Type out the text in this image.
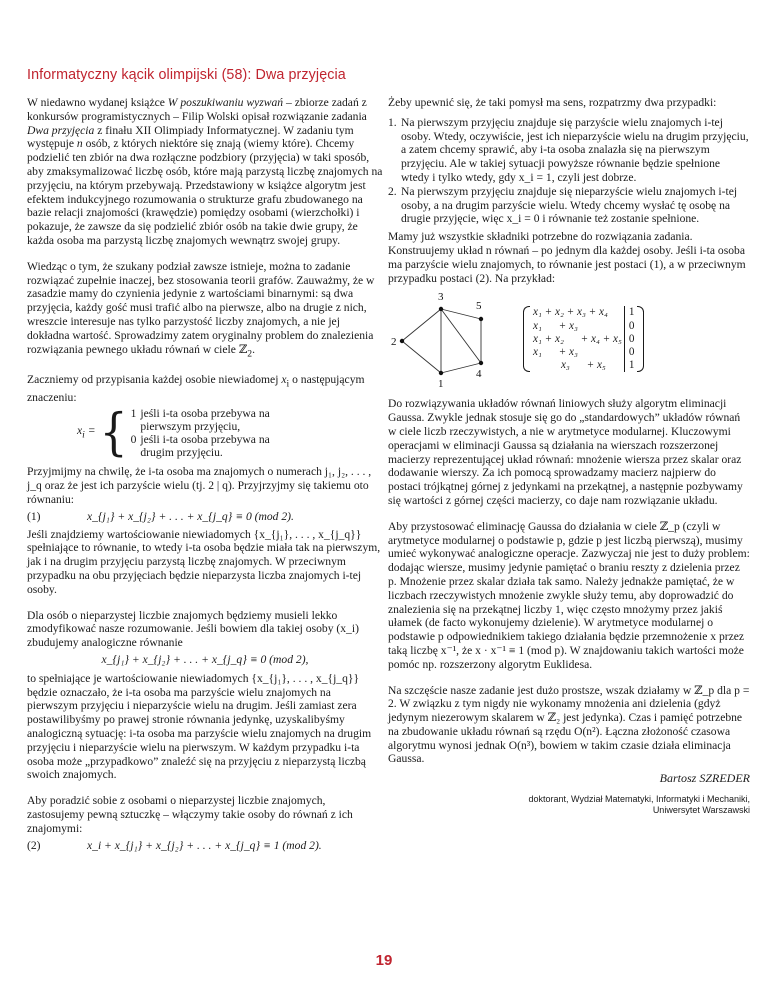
Informatyczny kącik olimpijski (58): Dwa przyjęcia

W niedawno wydanej książce W poszukiwaniu wyzwań – zbiorze zadań z konkursów programistycznych – Filip Wolski opisał rozwiązanie zadania Dwa przyjęcia z finału XII Olimpiady Informatycznej. W zadaniu tym występuje n osób, z których niektóre się znają (wiemy które). Chcemy podzielić ten zbiór na dwa rozłączne podzbiory (przyjęcia) w taki sposób, aby zmaksymalizować liczbę osób, które mają parzystą liczbę znajomych na przyjęciu, na którym przebywają. Przedstawiony w książce algorytm jest efektem indukcyjnego rozumowania o strukturze grafu zbudowanego na bazie relacji znajomości (krawędzie) pomiędzy osobami (wierzchołki) i pokazuje, że zawsze da się podzielić zbiór osób na takie dwie grupy, że każda osoba ma parzystą liczbę znajomych wewnątrz swojej grupy.

Wiedząc o tym, że szukany podział zawsze istnieje, można to zadanie rozwiązać zupełnie inaczej, bez stosowania teorii grafów. Zauważmy, że w zasadzie mamy do czynienia jedynie z wartościami binarnymi: są dwa przyjęcia, każdy gość musi trafić albo na pierwsze, albo na drugie z nich, wreszcie interesuje nas tylko parzystość liczby znajomych, a nie jej dokładna wartość. Sprowadzimy zatem oryginalny problem do znalezienia rozwiązania pewnego układu równań w ciele ℤ$_2$.

Zaczniemy od przypisania każdej osobie niewiadomej $x_i$ o następującym znaczeniu:

$x_i$ = { 1	jeśli i-ta osoba przebywa na pierwszym przyjęciu,
0	jeśli i-ta osoba przebywa na drugim przyjęciu.

Przyjmijmy na chwilę, że i-ta osoba ma znajomych o numerach j₁, j₂, . . . , j_q oraz że jest ich parzyście wielu (tj. 2 | q). Przyjrzyjmy się takiemu oto równaniu:

(1)	x_{j₁} + x_{j₂} + . . . + x_{j_q} ≡ 0 (mod 2).

Jeśli znajdziemy wartościowanie niewiadomych {x_{j₁}, . . . , x_{j_q}} spełniające to równanie, to wtedy i-ta osoba będzie miała tak na pierwszym, jak i na drugim przyjęciu parzystą liczbę znajomych. W przeciwnym przypadku na obu przyjęciach będzie nieparzysta liczba znajomych i-tej osoby.

Dla osób o nieparzystej liczbie znajomych będziemy musieli lekko zmodyfikować nasze rozumowanie. Jeśli bowiem dla takiej osoby (x_i) zbudujemy analogiczne równanie

x_{j₁} + x_{j₂} + . . . + x_{j_q} ≡ 0 (mod 2),

to spełniające je wartościowanie niewiadomych {x_{j₁}, . . . , x_{j_q}} będzie oznaczało, że i-ta osoba ma parzyście wielu znajomych na pierwszym przyjęciu i nieparzyście wielu na drugim. Jeśli zamiast zera postawilibyśmy po prawej stronie równania jedynkę, uzyskalibyśmy analogiczną sytuację: i-ta osoba ma parzyście wielu znajomych na drugim przyjęciu i nieparzyście wielu na pierwszym. W każdym przypadku i-ta osoba może „przypadkowo” znaleźć się na przyjęciu z nieparzystą liczbą swoich znajomych.

Aby poradzić sobie z osobami o nieparzystej liczbie znajomych, zastosujemy pewną sztuczkę – włączymy takie osoby do równań z ich znajomymi:

(2)	x_i + x_{j₁} + x_{j₂} + . . . + x_{j_q} ≡ 1 (mod 2).

Żeby upewnić się, że taki pomysł ma sens, rozpatrzmy dwa przypadki:

1. Na pierwszym przyjęciu znajduje się parzyście wielu znajomych i-tej osoby. Wtedy, oczywiście, jest ich nieparzyście wielu na drugim przyjęciu, a zatem chcemy sprawić, aby i-ta osoba znalazła się na pierwszym przyjęciu. Ale w takiej sytuacji powyższe równanie będzie spełnione wtedy i tylko wtedy, gdy x_i = 1, czyli jest dobrze.
2. Na pierwszym przyjęciu znajduje się nieparzyście wielu znajomych i-tej osoby, a na drugim parzyście wielu. Wtedy chcemy wysłać tę osobę na drugie przyjęcie, więc x_i = 0 i równanie też zostanie spełnione.

Mamy już wszystkie składniki potrzebne do rozwiązania zadania. Konstruujemy układ n równań – po jednym dla każdej osoby. Jeśli i-ta osoba ma parzyście wielu znajomych, to równanie jest postaci (1), a w przeciwnym przypadku postaci (2). Na przykład:

2
3
1
5
4
x₁ + x₂ + x₃ + x₄	1
x₁      + x₃	0
x₁ + x₂      + x₄ + x₅	0
x₁      + x₃	0
x₃      + x₅	1

Do rozwiązywania układów równań liniowych służy algorytm eliminacji Gaussa. Zwykle jednak stosuje się go do „standardowych” układów równań w ciele liczb rzeczywistych, a nie w arytmetyce modularnej. Kluczowymi operacjami w eliminacji Gaussa są działania na wierszach rozszerzonej macierzy reprezentującej układ równań: mnożenie wiersza przez skalar oraz dodawanie wierszy. Za ich pomocą sprowadzamy macierz najpierw do postaci trójkątnej górnej z jedynkami na przekątnej, a następnie pozbywamy się wartości z górnej części macierzy, co daje nam rozwiązanie układu.

Aby przystosować eliminację Gaussa do działania w ciele ℤ_p (czyli w arytmetyce modularnej o podstawie p, gdzie p jest liczbą pierwszą), musimy umieć wykonywać analogiczne operacje. Zazwyczaj nie jest to duży problem: dodając wiersze, musimy jedynie pamiętać o braniu reszty z dzielenia przez p. Mnożenie przez skalar działa tak samo. Należy jednakże pamiętać, że w liczbach rzeczywistych mnożenie zwykle służy temu, aby doprowadzić do znalezienia się na przekątnej liczby 1, więc często mnożymy przez jakiś ułamek (de facto wykonujemy dzielenie). W arytmetyce modularnej o podstawie p odpowiednikiem takiego działania będzie przemnożenie x przez taką liczbę x⁻¹, że x · x⁻¹ ≡ 1 (mod p). W znajdowaniu takich wartości może pomóc np. rozszerzony algorytm Euklidesa.

Na szczęście nasze zadanie jest dużo prostsze, wszak działamy w ℤ_p dla p = 2. W związku z tym nigdy nie wykonamy mnożenia ani dzielenia (gdyż jedynym niezerowym skalarem w ℤ₂ jest jedynka). Czas i pamięć potrzebne na zbudowanie układu równań są rzędu O(n²). Łączna złożoność czasowa algorytmu wynosi jednak O(n³), bowiem w takim czasie działa eliminacja Gaussa.

Bartosz SZREDER
doktorant, Wydział Matematyki, Informatyki i Mechaniki,
Uniwersytet Warszawski
19
